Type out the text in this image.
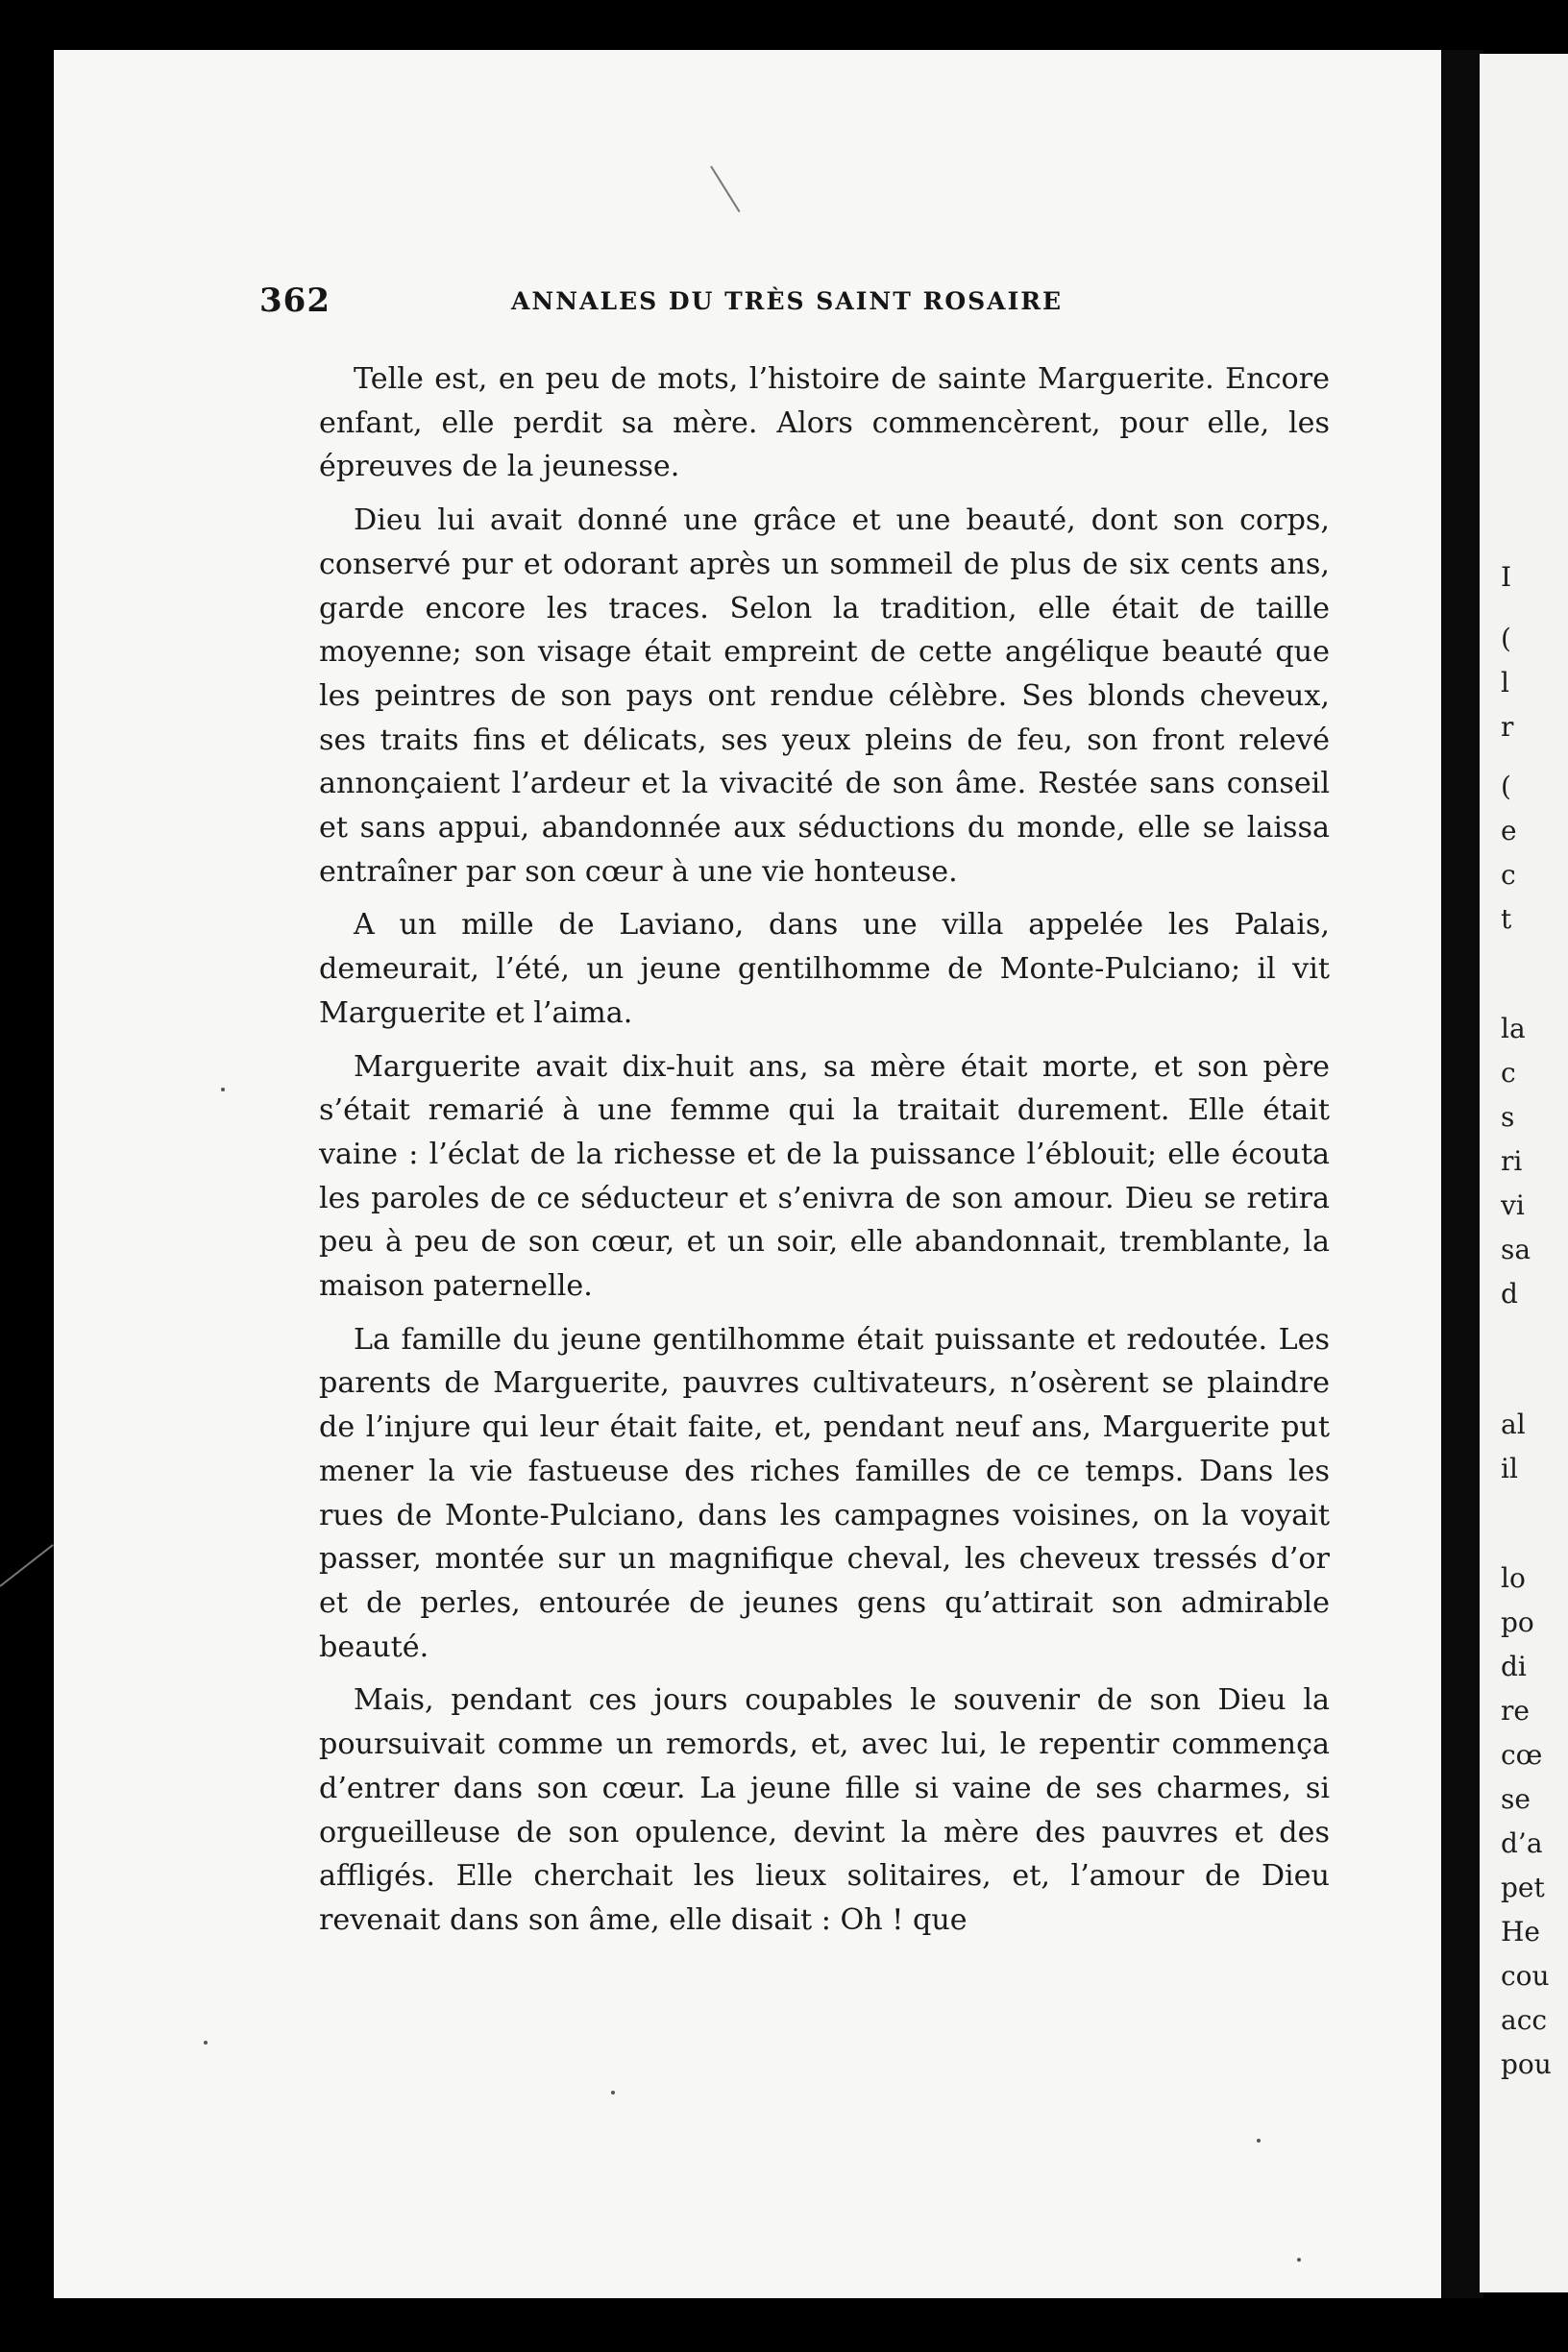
I
(
l
r
(
e
c
t
la
c
s
ri
vi
sa
d
al
il
lo
po
di
re
cœ
se
d’a
pet
He
cou
acc
pou
362	ANNALES DU TRÈS SAINT ROSAIRE

Telle est, en peu de mots, l’histoire de sainte Marguerite. Encore enfant, elle perdit sa mère. Alors commencèrent, pour elle, les épreuves de la jeunesse.

Dieu lui avait donné une grâce et une beauté, dont son corps, conservé pur et odorant après un sommeil de plus de six cents ans, garde encore les traces. Selon la tradition, elle était de taille moyenne; son visage était empreint de cette angélique beauté que les peintres de son pays ont rendue célèbre. Ses blonds cheveux, ses traits fins et délicats, ses yeux pleins de feu, son front relevé annonçaient l’ardeur et la vivacité de son âme. Restée sans conseil et sans appui, abandonnée aux séductions du monde, elle se laissa entraîner par son cœur à une vie honteuse.

A un mille de Laviano, dans une villa appelée les Palais, demeurait, l’été, un jeune gentilhomme de Monte-Pulciano; il vit Marguerite et l’aima.

Marguerite avait dix-huit ans, sa mère était morte, et son père s’était remarié à une femme qui la traitait durement. Elle était vaine : l’éclat de la richesse et de la puissance l’éblouit; elle écouta les paroles de ce séducteur et s’enivra de son amour. Dieu se retira peu à peu de son cœur, et un soir, elle abandonnait, tremblante, la maison paternelle.

La famille du jeune gentilhomme était puissante et redoutée. Les parents de Marguerite, pauvres cultivateurs, n’osèrent se plaindre de l’injure qui leur était faite, et, pendant neuf ans, Marguerite put mener la vie fastueuse des riches familles de ce temps. Dans les rues de Monte-Pulciano, dans les campagnes voisines, on la voyait passer, montée sur un magnifique cheval, les cheveux tressés d’or et de perles, entourée de jeunes gens qu’attirait son admirable beauté.

Mais, pendant ces jours coupables le souvenir de son Dieu la poursuivait comme un remords, et, avec lui, le repentir commença d’entrer dans son cœur. La jeune fille si vaine de ses charmes, si orgueilleuse de son opulence, devint la mère des pauvres et des affligés. Elle cherchait les lieux solitaires, et, l’amour de Dieu revenait dans son âme, elle disait : Oh ! que
